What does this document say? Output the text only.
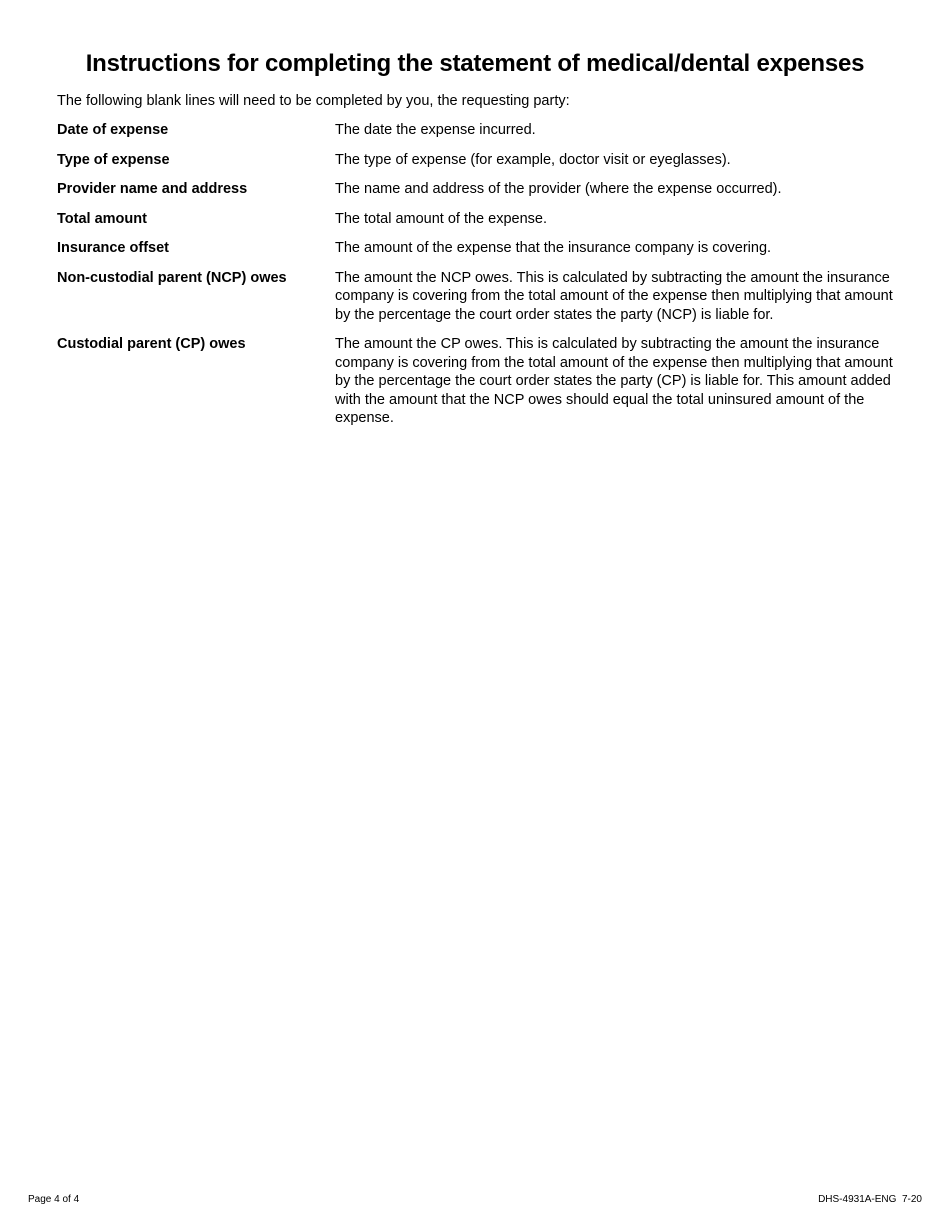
Instructions for completing the statement of medical/dental expenses
The following blank lines will need to be completed by you, the requesting party:
Date of expense	The date the expense incurred.
Type of expense	The type of expense (for example, doctor visit or eyeglasses).
Provider name and address	The name and address of the provider (where the expense occurred).
Total amount	The total amount of the expense.
Insurance offset	The amount of the expense that the insurance company is covering.
Non-custodial parent (NCP) owes	The amount the NCP owes. This is calculated by subtracting the amount the insurance company is covering from the total amount of the expense then multiplying that amount by the percentage the court order states the party (NCP) is liable for.
Custodial parent (CP) owes	The amount the CP owes. This is calculated by subtracting the amount the insurance company is covering from the total amount of the expense then multiplying that amount by the percentage the court order states the party (CP) is liable for. This amount added with the amount that the NCP owes should equal the total uninsured amount of the expense.
Page 4 of 4	DHS-4931A-ENG  7-20
